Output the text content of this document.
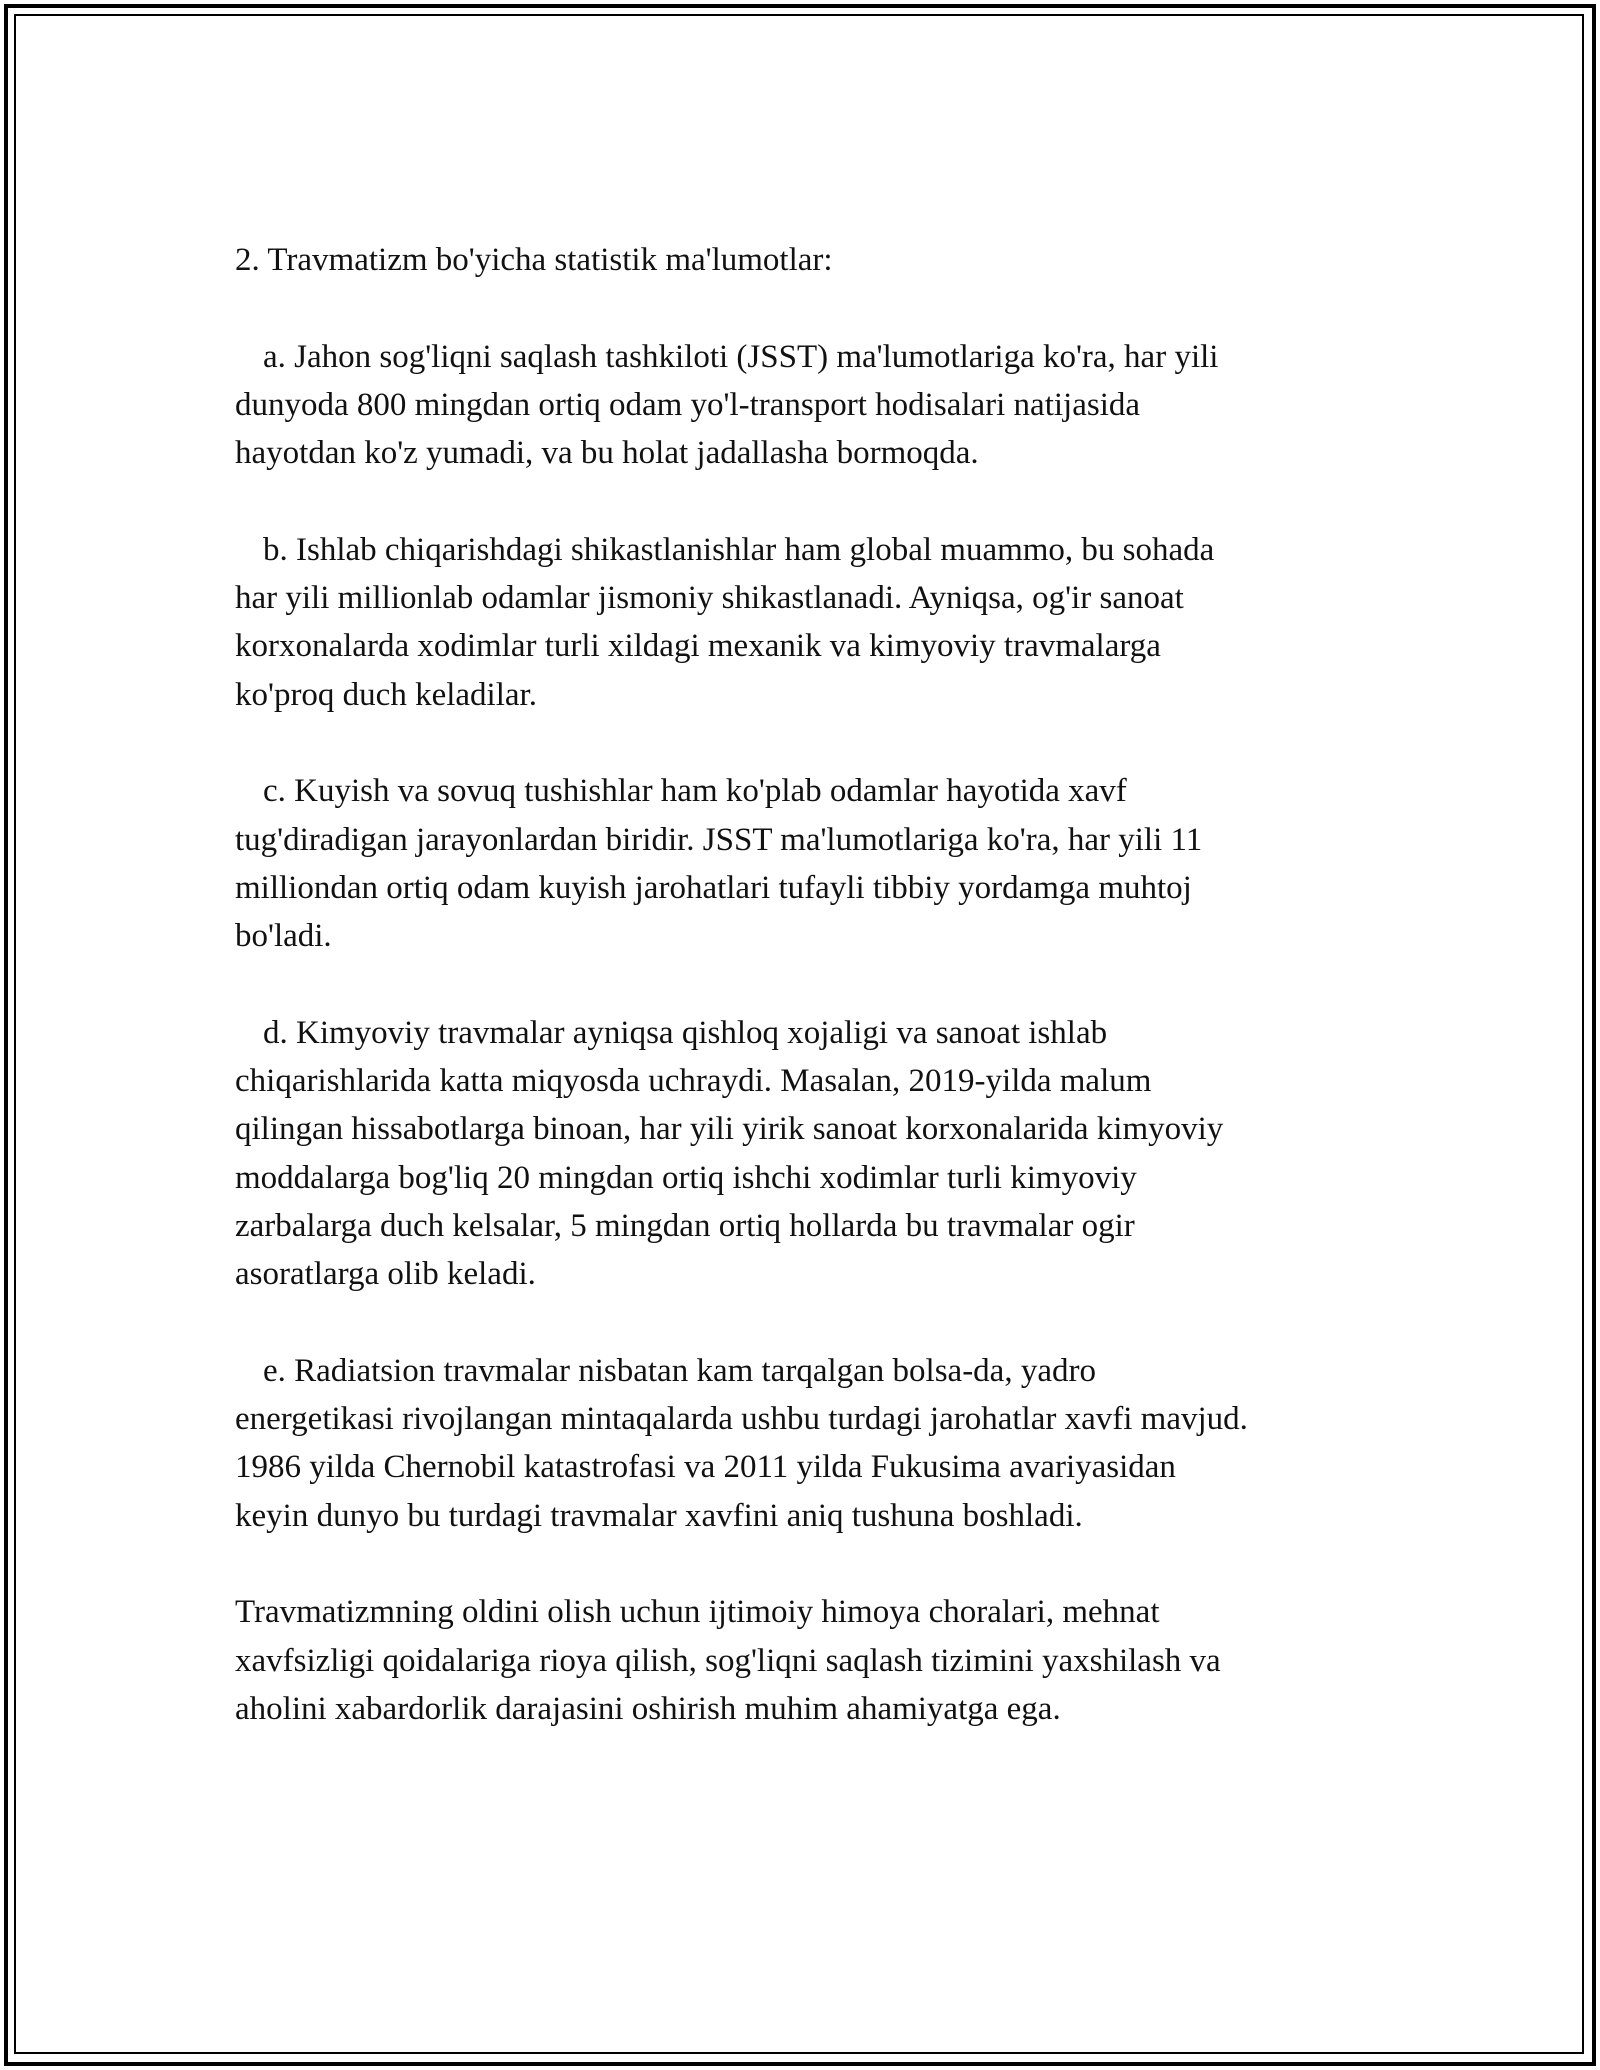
2. Travmatizm bo'yicha statistik ma'lumotlar:

a. Jahon sog'liqni saqlash tashkiloti (JSST) ma'lumotlariga ko'ra, har yili
dunyoda 800 mingdan ortiq odam yo'l-transport hodisalari natijasida
hayotdan ko'z yumadi, va bu holat jadallasha bormoqda.
b. Ishlab chiqarishdagi shikastlanishlar ham global muammo, bu sohada
har yili millionlab odamlar jismoniy shikastlanadi. Ayniqsa, og'ir sanoat
korxonalarda xodimlar turli xildagi mexanik va kimyoviy travmalarga
ko'proq duch keladilar.
c. Kuyish va sovuq tushishlar ham ko'plab odamlar hayotida xavf
tug'diradigan jarayonlardan biridir. JSST ma'lumotlariga ko'ra, har yili 11
milliondan ortiq odam kuyish jarohatlari tufayli tibbiy yordamga muhtoj
bo'ladi.
d. Kimyoviy travmalar ayniqsa qishloq xojaligi va sanoat ishlab
chiqarishlarida katta miqyosda uchraydi. Masalan, 2019-yilda malum
qilingan hissabotlarga binoan, har yili yirik sanoat korxonalarida kimyoviy
moddalarga bog'liq 20 mingdan ortiq ishchi xodimlar turli kimyoviy
zarbalarga duch kelsalar, 5 mingdan ortiq hollarda bu travmalar ogir
asoratlarga olib keladi.
e. Radiatsion travmalar nisbatan kam tarqalgan bolsa-da, yadro
energetikasi rivojlangan mintaqalarda ushbu turdagi jarohatlar xavfi mavjud.
1986 yilda Chernobil katastrofasi va 2011 yilda Fukusima avariyasidan
keyin dunyo bu turdagi travmalar xavfini aniq tushuna boshladi.
Travmatizmning oldini olish uchun ijtimoiy himoya choralari, mehnat
xavfsizligi qoidalariga rioya qilish, sog'liqni saqlash tizimini yaxshilash va
aholini xabardorlik darajasini oshirish muhim ahamiyatga ega.
